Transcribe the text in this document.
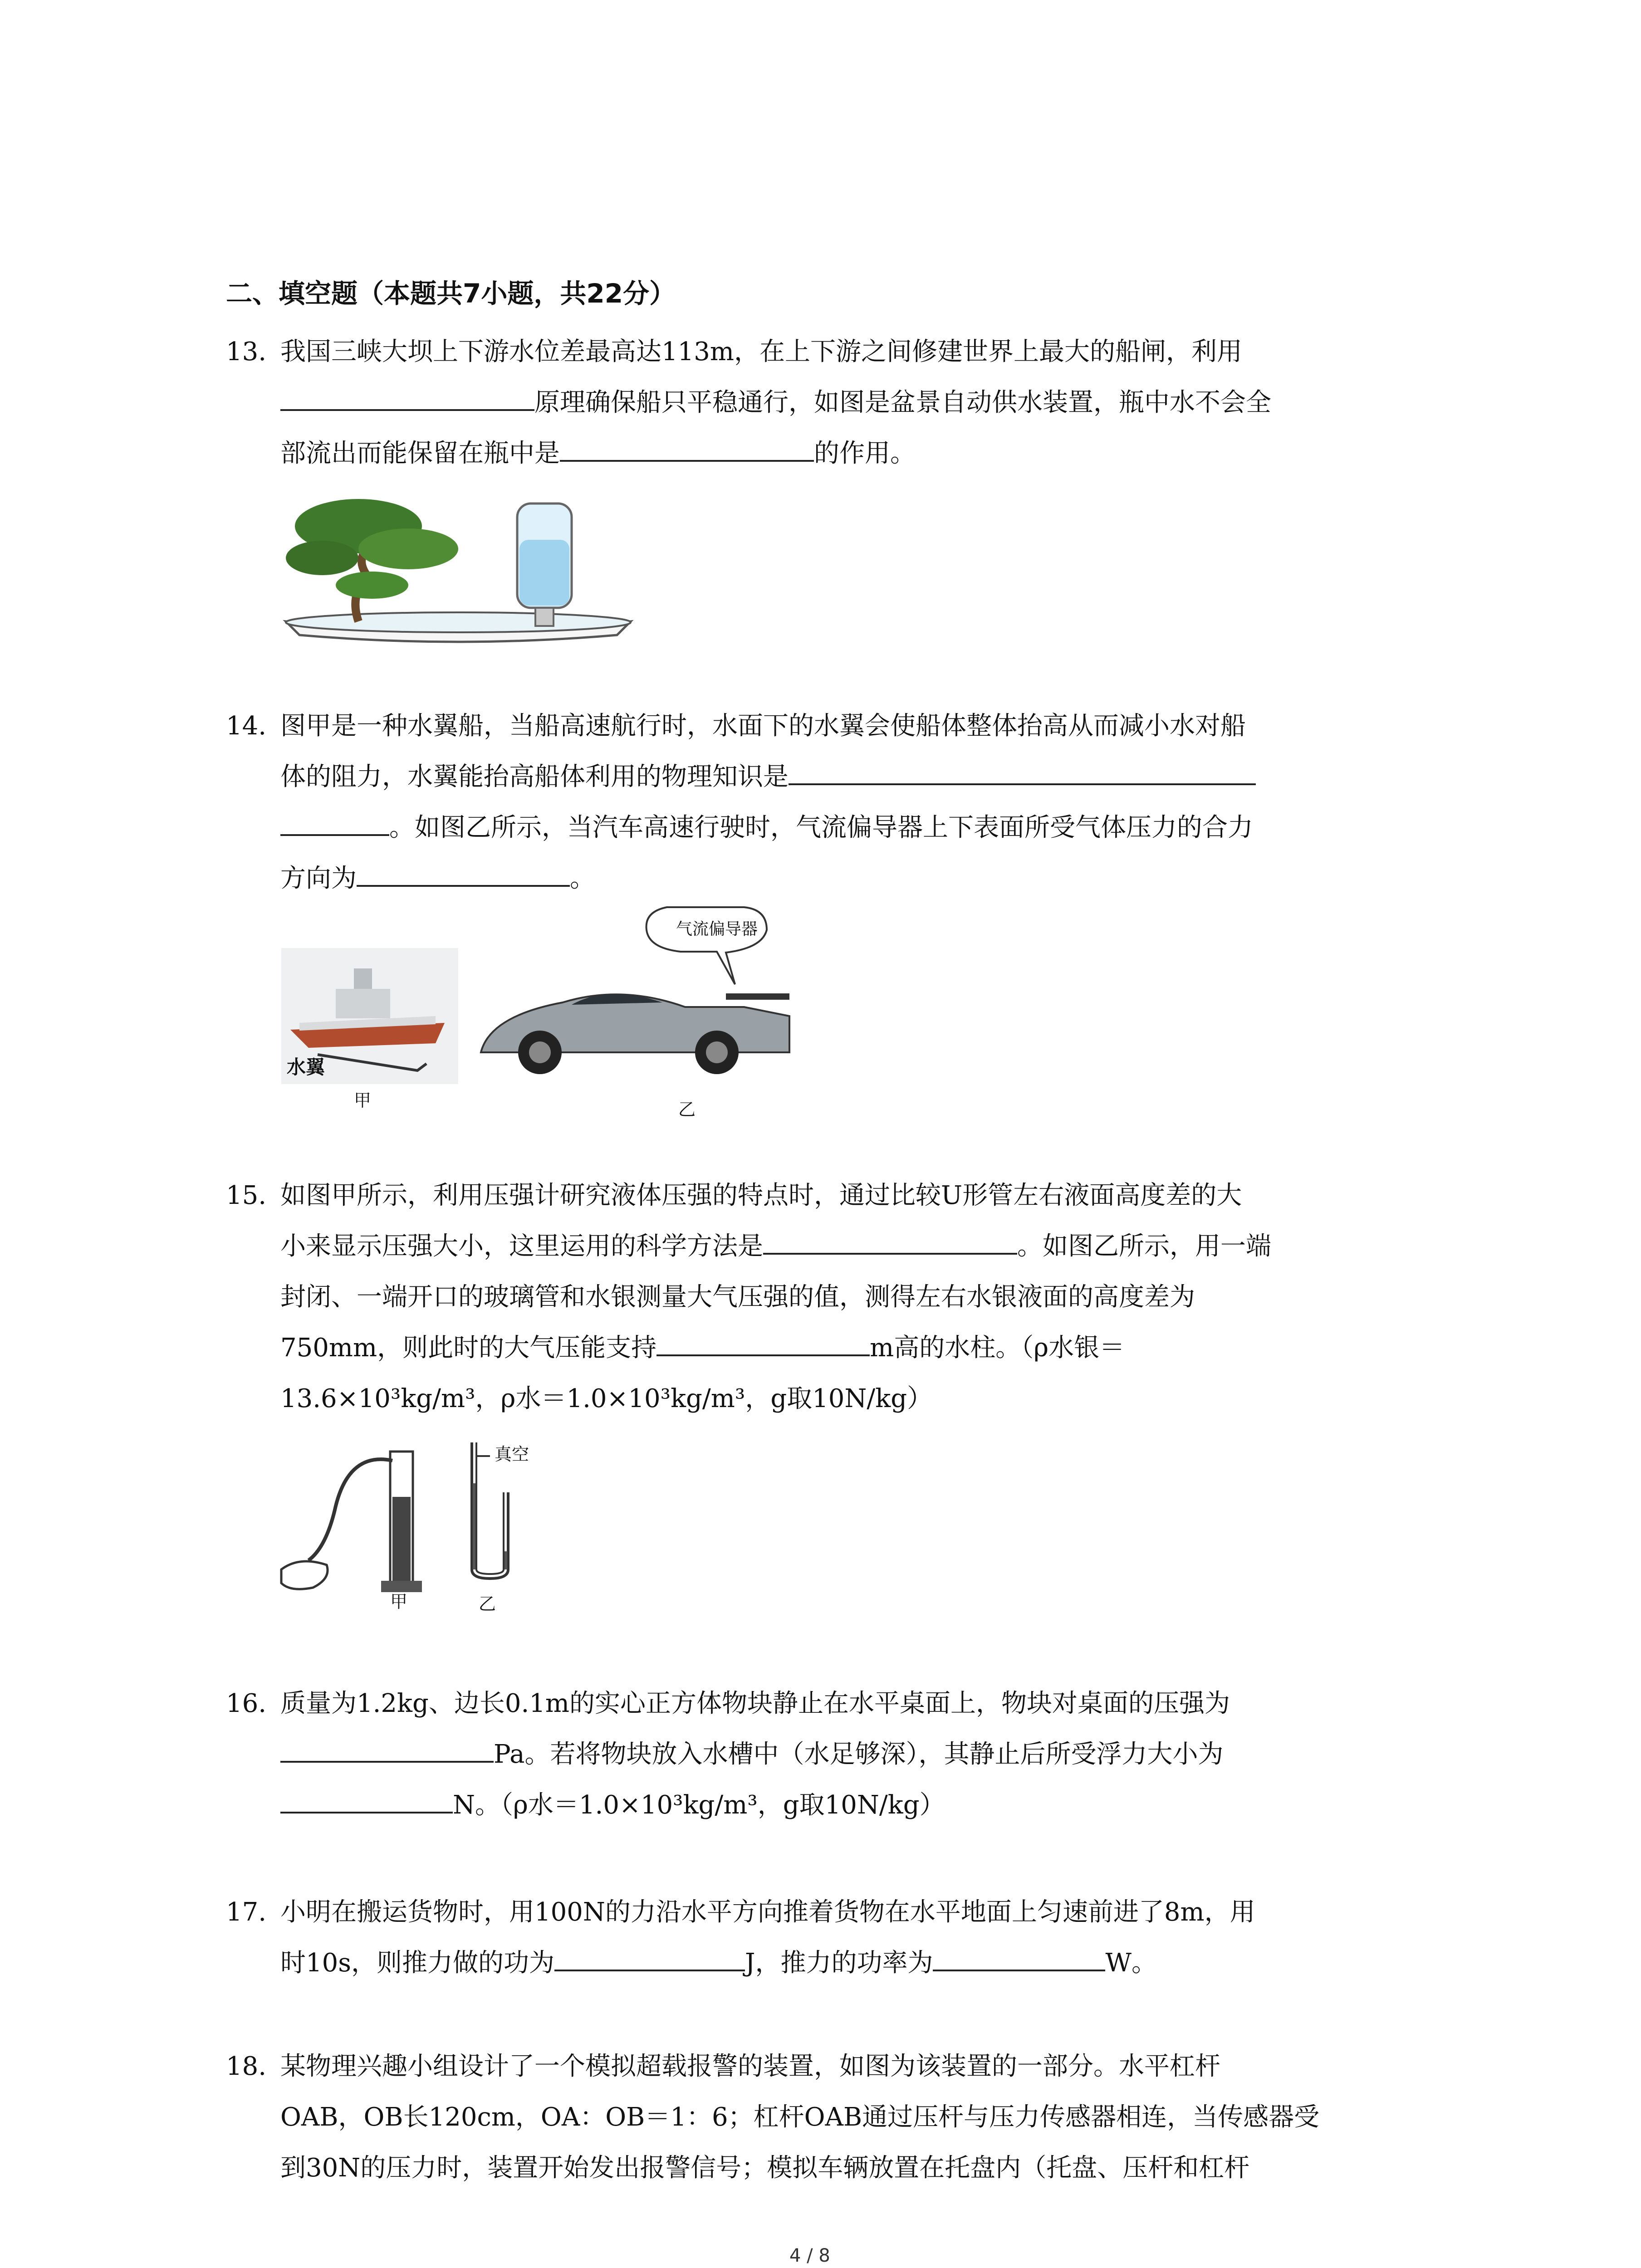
二、填空题（本题共7小题，共22分）
13. 我国三峡大坝上下游水位差最高达113m，在上下游之间修建世界上最大的船闸，利用
原理确保船只平稳通行，如图是盆景自动供水装置，瓶中水不会全
部流出而能保留在瓶中是	的作用。
14. 图甲是一种水翼船，当船高速航行时，水面下的水翼会使船体整体抬高从而减小水对船
体的阻力，水翼能抬高船体利用的物理知识是
。如图乙所示，当汽车高速行驶时，气流偏导器上下表面所受气体压力的合力
方向为	。
水翼
甲
气流偏导器
乙
15. 如图甲所示，利用压强计研究液体压强的特点时，通过比较U形管左右液面高度差的大
小来显示压强大小，这里运用的科学方法是	。如图乙所示，用一端
封闭、一端开口的玻璃管和水银测量大气压强的值，测得左右水银液面的高度差为
750mm，则此时的大气压能支持	m高的水柱。（ρ水银＝
13.6×10³kg/m³，ρ水＝1.0×10³kg/m³，g取10N/kg）
甲
真空
乙
16. 质量为1.2kg、边长0.1m的实心正方体物块静止在水平桌面上，物块对桌面的压强为
Pa。若将物块放入水槽中（水足够深），其静止后所受浮力大小为
N。（ρ水＝1.0×10³kg/m³，g取10N/kg）
17. 小明在搬运货物时，用100N的力沿水平方向推着货物在水平地面上匀速前进了8m，用
时10s，则推力做的功为	J，推力的功率为	W。
18. 某物理兴趣小组设计了一个模拟超载报警的装置，如图为该装置的一部分。水平杠杆
OAB，OB长120cm，OA：OB＝1：6；杠杆OAB通过压杆与压力传感器相连，当传感器受
到30N的压力时，装置开始发出报警信号；模拟车辆放置在托盘内（托盘、压杆和杠杆
4 / 8
